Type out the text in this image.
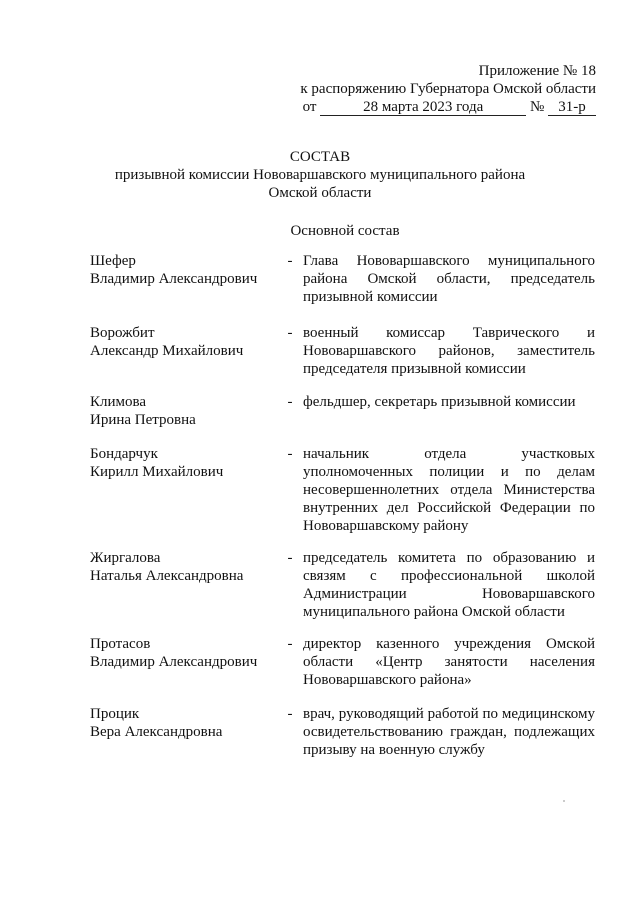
Приложение № 18
к распоряжению Губернатора Омской области
от	28 марта 2023 года	№ 31-р
СОСТАВ
призывной комиссии Нововаршавского муниципального района Омской области
Основной состав
Шефер
Владимир Александрович
- Глава Нововаршавского муниципального района Омской области, председатель призывной комиссии
Ворожбит
Александр Михайлович
- военный комиссар Таврического и Нововаршавского районов, заместитель председателя призывной комиссии
Климова
Ирина Петровна
- фельдшер, секретарь призывной комиссии
Бондарчук
Кирилл Михайлович
- начальник отдела участковых уполномоченных полиции и по делам несовершеннолетних отдела Министерства внутренних дел Российской Федерации по Нововаршавскому району
Жиргалова
Наталья Александровна
- председатель комитета по образованию и связям с профессиональной школой Администрации Нововаршавского муниципального района Омской области
Протасов
Владимир Александрович
- директор казенного учреждения Омской области «Центр занятости населения Нововаршавского района»
Процик
Вера Александровна
- врач, руководящий работой по медицинскому освидетельствованию граждан, подлежащих призыву на военную службу
